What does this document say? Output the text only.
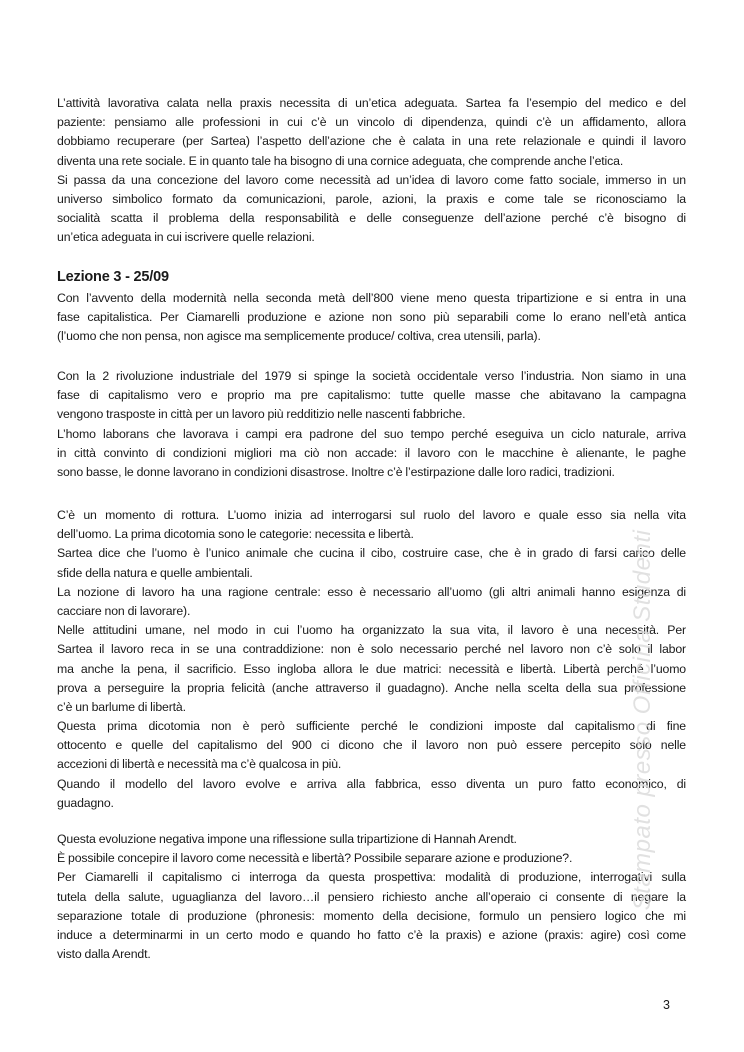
L’attività lavorativa calata nella praxis necessita di un’etica adeguata. Sartea fa l’esempio del medico e del
paziente: pensiamo alle professioni in cui c’è un vincolo di dipendenza, quindi c’è un affidamento, allora
dobbiamo recuperare (per Sartea) l’aspetto dell’azione che è calata in una rete relazionale e quindi il lavoro
diventa una rete sociale. E in quanto tale ha bisogno di una cornice adeguata, che comprende anche l’etica.
Si passa da una concezione del lavoro come necessità ad un’idea di lavoro come fatto sociale, immerso in un
universo simbolico formato da comunicazioni, parole, azioni, la praxis e come tale se riconosciamo la
socialità scatta il problema della responsabilità e delle conseguenze dell’azione perché c’è bisogno di
un’etica adeguata in cui iscrivere quelle relazioni.
Lezione 3 - 25/09
Con l’avvento della modernità nella seconda metà dell’800 viene meno questa tripartizione e si entra in una
fase capitalistica. Per Ciamarelli produzione e azione non sono più separabili come lo erano nell’età antica
(l’uomo che non pensa, non agisce ma semplicemente produce/ coltiva, crea utensili, parla).
Con la 2 rivoluzione industriale del 1979 si spinge la società occidentale verso l’industria. Non siamo in una
fase di capitalismo vero e proprio ma pre capitalismo: tutte quelle masse che abitavano la campagna
vengono trasposte in città per un lavoro più redditizio nelle nascenti fabbriche.
L’homo laborans che lavorava i campi era padrone del suo tempo perché eseguiva un ciclo naturale, arriva
in città convinto di condizioni migliori ma ciò non accade: il lavoro con le macchine è alienante, le paghe
sono basse, le donne lavorano in condizioni disastrose. Inoltre c’è l’estirpazione dalle loro radici, tradizioni.
C’è un momento di rottura. L’uomo inizia ad interrogarsi sul ruolo del lavoro e quale esso sia nella vita
dell’uomo. La prima dicotomia sono le categorie: necessita e libertà.
Sartea dice che l’uomo è l’unico animale che cucina il cibo, costruire case, che è in grado di farsi carico delle
sfide della natura e quelle ambientali.
La nozione di lavoro ha una ragione centrale: esso è necessario all’uomo (gli altri animali hanno esigenza di
cacciare non di lavorare).
Nelle attitudini umane, nel modo in cui l’uomo ha organizzato la sua vita, il lavoro è una necessità. Per
Sartea il lavoro reca in se una contraddizione: non è solo necessario perché nel lavoro non c’è solo il labor
ma anche la pena, il sacrificio. Esso ingloba allora le due matrici: necessità e libertà. Libertà perché l’uomo
prova a perseguire la propria felicità (anche attraverso il guadagno). Anche nella scelta della sua professione
c’è un barlume di libertà.
Questa prima dicotomia non è però sufficiente perché le condizioni imposte dal capitalismo di fine
ottocento e quelle del capitalismo del 900 ci dicono che il lavoro non può essere percepito solo nelle
accezioni di libertà e necessità ma c’è qualcosa in più.
Quando il modello del lavoro evolve e arriva alla fabbrica, esso diventa un puro fatto economico, di
guadagno.
Questa evoluzione negativa impone una riflessione sulla tripartizione di Hannah Arendt.
È possibile concepire il lavoro come necessità e libertà? Possibile separare azione e produzione?.
Per Ciamarelli il capitalismo ci interroga da questa prospettiva: modalità di produzione, interrogativi sulla
tutela della salute, uguaglianza del lavoro…il pensiero richiesto anche all’operaio ci consente di negare la
separazione totale di produzione (phronesis: momento della decisione, formulo un pensiero logico che mi
induce a determinarmi in un certo modo e quando ho fatto c’è la praxis) e azione (praxis: agire) così come
visto dalla Arendt.
Stampato presso Officina Studenti
3
